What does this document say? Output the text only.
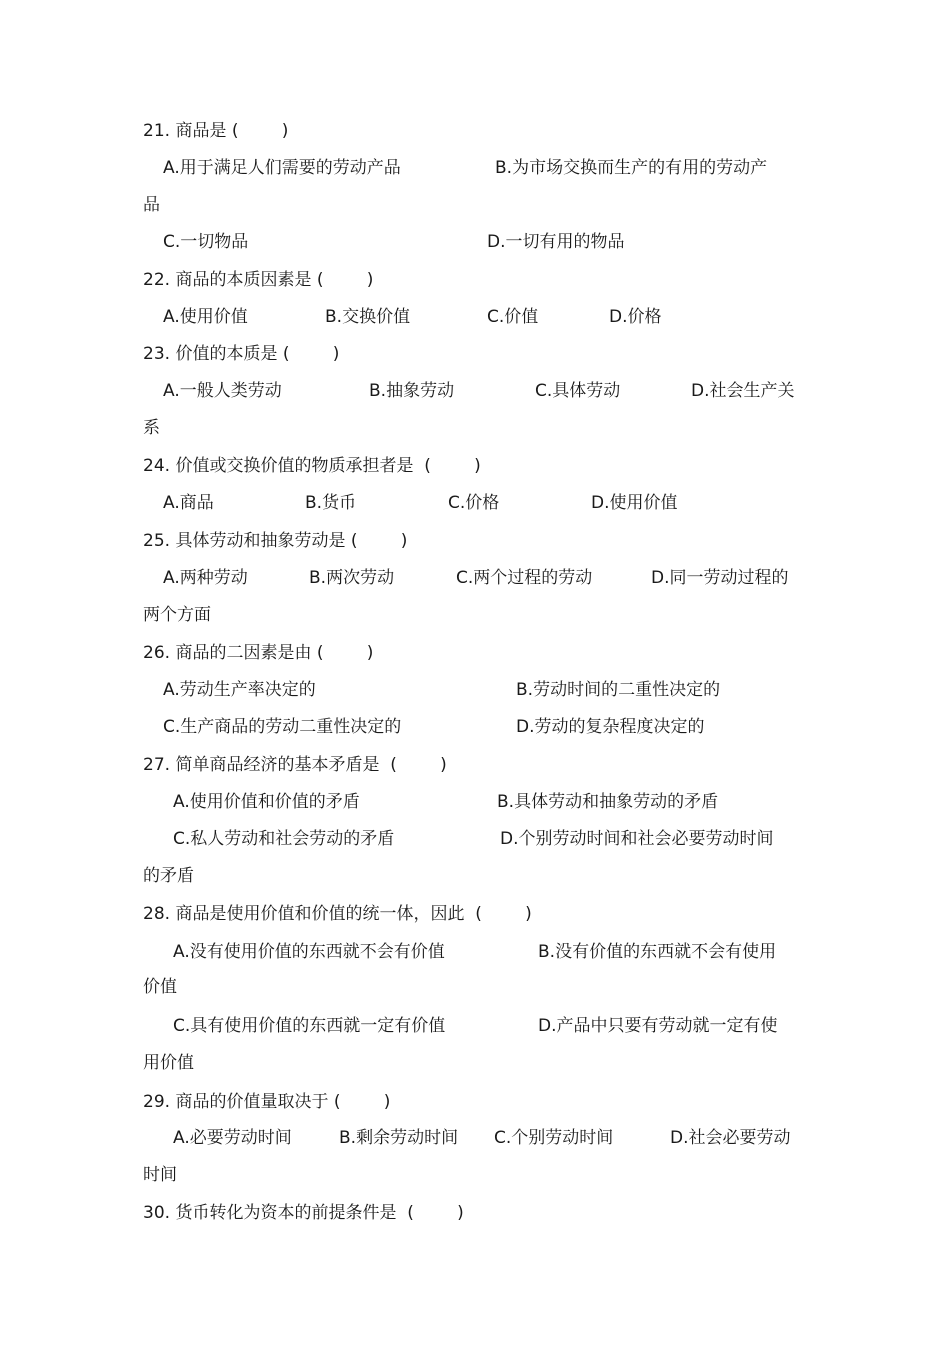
21. 商品是 (        )
A.用于满足人们需要的劳动产品	B.为市场交换而生产的有用的劳动产
品
C.一切物品	D.一切有用的物品
22. 商品的本质因素是 (        )
A.使用价值	B.交换价值	C.价值	D.价格
23. 价值的本质是 (        )
A.一般人类劳动	B.抽象劳动	C.具体劳动	D.社会生产关
系
24. 价值或交换价值的物质承担者是  (        )
A.商品	B.货币	C.价格	D.使用价值
25. 具体劳动和抽象劳动是 (        )
A.两种劳动	B.两次劳动	C.两个过程的劳动	D.同一劳动过程的
两个方面
26. 商品的二因素是由 (        )
A.劳动生产率决定的	B.劳动时间的二重性决定的
C.生产商品的劳动二重性决定的	D.劳动的复杂程度决定的
27. 简单商品经济的基本矛盾是  (        )
A.使用价值和价值的矛盾	B.具体劳动和抽象劳动的矛盾
C.私人劳动和社会劳动的矛盾	D.个别劳动时间和社会必要劳动时间
的矛盾
28. 商品是使用价值和价值的统一体，因此  (        )
A.没有使用价值的东西就不会有价值	B.没有价值的东西就不会有使用
价值
C.具有使用价值的东西就一定有价值	D.产品中只要有劳动就一定有使
用价值
29. 商品的价值量取决于 (        )
A.必要劳动时间	B.剩余劳动时间 C.个别劳动时间	D.社会必要劳动
时间
30. 货币转化为资本的前提条件是  (        )
